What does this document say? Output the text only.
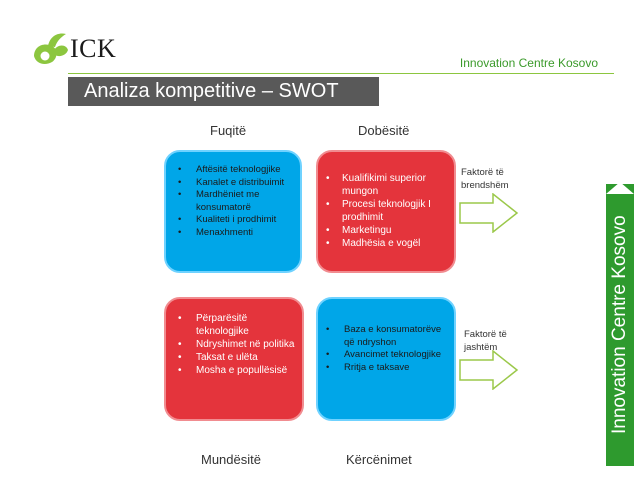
ICK	Innovation Centre Kosovo
Analiza kompetitive – SWOT
Fuqitë	Dobësitë
Mundësitë	Kërcënimet
• Aftësitë teknologjike
• Kanalet e distribuimit
• Mardhëniet me konsumatorë
• Kualiteti i prodhimit
• Menaxhmenti
• Kualifikimi superior mungon
• Procesi teknologjik I prodhimit
• Marketingu
• Madhësia e vogël
• Përparësitë teknologjike
• Ndryshimet në politika
• Taksat e ulëta
• Mosha e popullësisë
• Baza e konsumatorëve që ndryshon
• Avancimet teknologjike
• Rritja e taksave
Faktorë të brendshëm
Faktorë të jashtëm	Innovation Centre Kosovo
